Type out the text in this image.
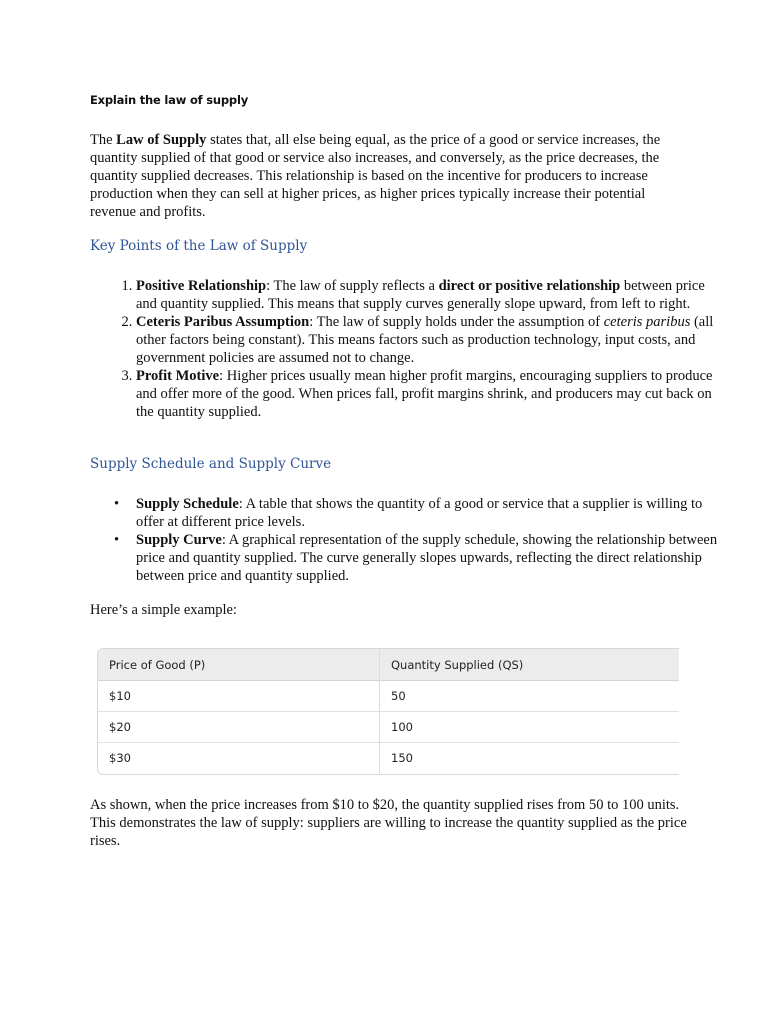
Explain the law of supply

The Law of Supply states that, all else being equal, as the price of a good or service increases, the quantity supplied of that good or service also increases, and conversely, as the price decreases, the quantity supplied decreases. This relationship is based on the incentive for producers to increase production when they can sell at higher prices, as higher prices typically increase their potential revenue and profits.

Key Points of the Law of Supply
1. Positive Relationship: The law of supply reflects a direct or positive relationship between price and quantity supplied. This means that supply curves generally slope upward, from left to right.
2. Ceteris Paribus Assumption: The law of supply holds under the assumption of ceteris paribus (all other factors being constant). This means factors such as production technology, input costs, and government policies are assumed not to change.
3. Profit Motive: Higher prices usually mean higher profit margins, encouraging suppliers to produce and offer more of the good. When prices fall, profit margins shrink, and producers may cut back on the quantity supplied.
Supply Schedule and Supply Curve
• Supply Schedule: A table that shows the quantity of a good or service that a supplier is willing to offer at different price levels.
• Supply Curve: A graphical representation of the supply schedule, showing the relationship between price and quantity supplied. The curve generally slopes upwards, reflecting the direct relationship between price and quantity supplied.
Here’s a simple example:
Price of Good (P)	Quantity Supplied (QS)
$10	50
$20	100
$30	150

As shown, when the price increases from $10 to $20, the quantity supplied rises from 50 to 100 units. This demonstrates the law of supply: suppliers are willing to increase the quantity supplied as the price rises.
